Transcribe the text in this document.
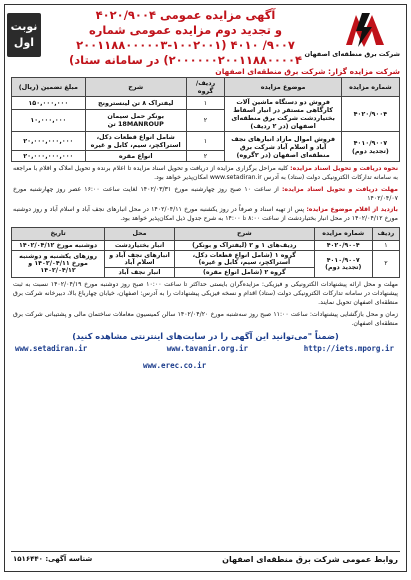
شرکت برق منطقه‌ای اصفهان
آگهی مزایده عمومی ۴۰۲۰/۹۰۰۴
و تجدید دوم مزایده عمومی شماره
۹۰۰۷/ ۴۰۱۰ (۲۰۰۱۱۸۸۰۰۰۰۰۳-۱۰۰۲۰۰۱
۲۰۰۰۰۰۰۲۰۰۱۱۸۸۰۰۰۰۴) در سامانه ستاد)
نوبت اول
شرکت مزایده گزار: شرکت برق منطقه‌ای اصفهان
شماره مزایده	موضوع مزایده	ردیف/گروه	شرح	مبلغ تضمین (ریال)
۴۰۲۰/۹۰۰۴	فروش دو دستگاه ماشین آلات کارگاهی مستقر در انبار اسقاط بختیاردشت شرکت برق منطقه‌ای اصفهان (در ۲ ردیف)	۱	لیفتراک ۸ تن لینسترونج	۱۵۰,۰۰۰,۰۰۰
		۲	بونکر حمل سیمان 18MANROUP تن	۱۰,۰۰۰,۰۰۰
۴۰۱۰/۹۰۰۷ (تجدید دوم)	فروش اموال مازاد انبارهای نجف آباد و اسلام آباد شرکت برق منطقه‌ای اصفهان (در ۲گروه)	۱	شامل انواع قطعات دکل، استراکچر، سیم، کابل و غیره	۲۰,۰۰۰,۰۰۰,۰۰۰
		۲	انواع مقره	۲۰,۰۰۰,۰۰۰,۰۰۰
نحوه دریافت و تحویل اسناد مزایده: کلیه مراحل برگزاری مزایده از دریافت و تحویل اسناد مزایده تا اعلام برنده و تحویل املاک و اقلام با مراجعه به سامانه تدارکات الکترونیکی دولت (ستاد) به آدرس www.setadiran.ir امکان‌پذیر خواهد بود.
مهلت دریافت و تحویل اسناد مزایده: از ساعت ۱۰ صبح روز چهارشنبه مورخ ۱۴۰۲/۰۳/۳۱ لغایت ساعت ۱۶:۰۰ عصر روز چهارشنبه مورخ ۱۴۰۲/۰۴/۰۷
بازدید از اقلام موضوع مزایده: پس از تهیه اسناد و صرفاً در روز یکشنبه مورخ ۱۴۰۲/۰۴/۱۱ در محل انبارهای نجف آباد و اسلام آباد و روز دوشنبه مورخ ۱۴۰۲/۰۴/۱۲ در محل انبار بختیاردشت از ساعت ۸:۰۰ تا ۱۴:۰۰ به شرح جدول ذیل امکان‌پذیر خواهد بود.
ردیف	شماره مزایده	شرح	محل	تاریخ
۱	۴۰۲۰/۹۰۰۴	ردیف‌های ۱ و ۲ (لیفتراک و بونکر)	انبار بختیاردشت	دوشنبه مورخ ۱۴۰۲/۰۴/۱۲
۲	۴۰۱۰/۹۰۰۷ (تجدید دوم)	گروه ۱ (شامل انواع قطعات دکل، استراکچر، سیم، کابل و غیره)	انبارهای نجف آباد و اسلام آباد	روزهای یکشنبه و دوشنبه مورخ ۱۴۰۲/۰۴/۱۱ و ۱۴۰۲/۰۴/۱۲
		گروه ۲ (شامل انواع مقره)	انبار نجف آباد	
مهلت و محل ارائه پیشنهادات الکترونیکی و فیزیکی: مزایده‌گران بایستی حداکثر تا ساعت ۱۰:۰۰ صبح روز دوشنبه مورخ ۱۴۰۲/۰۴/۱۹ نسبت به ثبت پیشنهادات در سامانه تدارکات الکترونیکی دولت (ستاد) اقدام و نسخه فیزیکی پیشنهادات را به آدرس: اصفهان، خیابان چهارباغ بالا، دبیرخانه شرکت برق منطقه‌ای اصفهان تحویل نمایند.
زمان و محل بازگشایی پیشنهادات: ساعت ۱۱:۰۰ صبح روز سه‌شنبه مورخ ۱۴۰۲/۰۴/۲۰ سالن کمیسیون معاملات ساختمان مالی و پشتیبانی شرکت برق منطقه‌ای اصفهان.
(ضمناً "می‌توانید این آگهی را در سایت‌های اینترنتی مشاهده کنید)
http://iets.mporg.ir
www.tavanir.org.ir
www.setadiran.ir
www.erec.co.ir
روابط عمومی شرکت برق منطقه‌ای اصفهان
شناسه آگهی: ۱۵۱۶۴۴۰
